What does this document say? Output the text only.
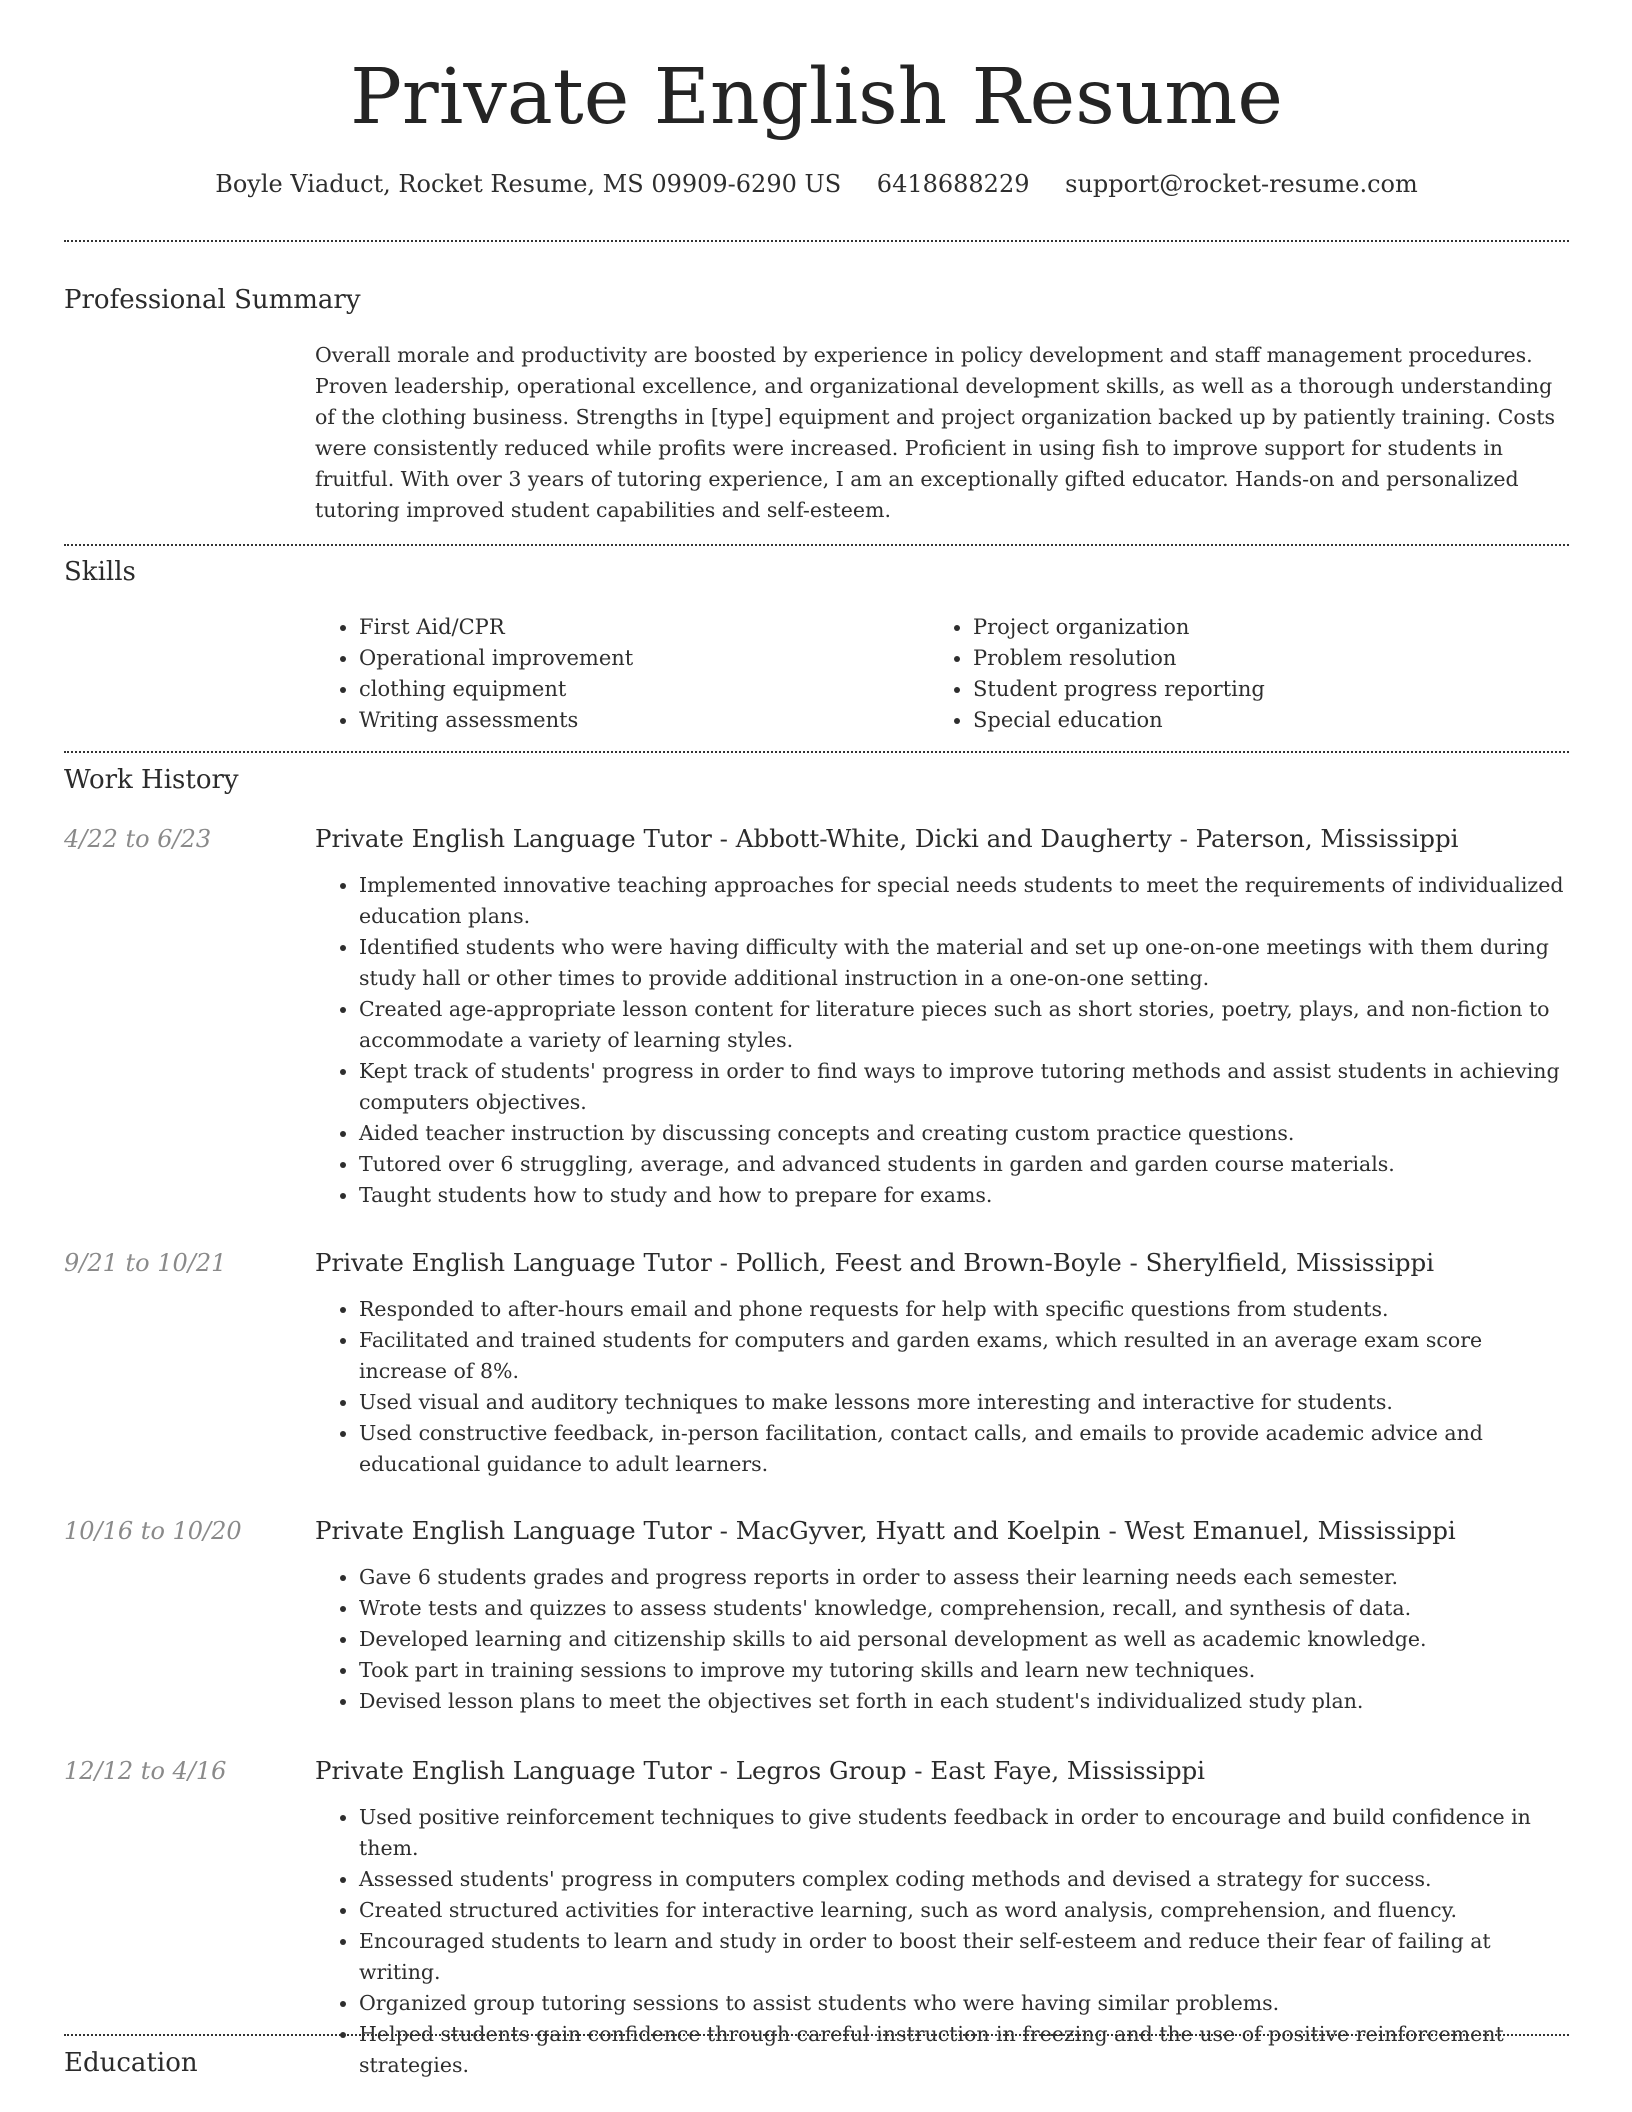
Private English Resume
Boyle Viaduct, Rocket Resume, MS 09909-6290 US 6418688229 support@rocket-resume.com
Professional Summary

Overall morale and productivity are boosted by experience in policy development and staff management procedures. Proven leadership, operational excellence, and organizational development skills, as well as a thorough understanding of the clothing business. Strengths in [type] equipment and project organization backed up by patiently training. Costs were consistently reduced while profits were increased. Proficient in using fish to improve support for students in fruitful. With over 3 years of tutoring experience, I am an exceptionally gifted educator. Hands-on and personalized tutoring improved student capabilities and self-esteem.

Skills
• First Aid/CPR
• Operational improvement
• clothing equipment
• Writing assessments
• Project organization
• Problem resolution
• Student progress reporting
• Special education
Work History
4/22 to 6/23	Private English Language Tutor - Abbott-White, Dicki and Daugherty - Paterson, Mississippi
• Implemented innovative teaching approaches for special needs students to meet the requirements of individualized education plans.
• Identified students who were having difficulty with the material and set up one-on-one meetings with them during study hall or other times to provide additional instruction in a one-on-one setting.
• Created age-appropriate lesson content for literature pieces such as short stories, poetry, plays, and non-fiction to accommodate a variety of learning styles.
• Kept track of students' progress in order to find ways to improve tutoring methods and assist students in achieving computers objectives.
• Aided teacher instruction by discussing concepts and creating custom practice questions.
• Tutored over 6 struggling, average, and advanced students in garden and garden course materials.
• Taught students how to study and how to prepare for exams.
9/21 to 10/21	Private English Language Tutor - Pollich, Feest and Brown-Boyle - Sherylfield, Mississippi
• Responded to after-hours email and phone requests for help with specific questions from students.
• Facilitated and trained students for computers and garden exams, which resulted in an average exam score increase of 8%.
• Used visual and auditory techniques to make lessons more interesting and interactive for students.
• Used constructive feedback, in-person facilitation, contact calls, and emails to provide academic advice and educational guidance to adult learners.
10/16 to 10/20	Private English Language Tutor - MacGyver, Hyatt and Koelpin - West Emanuel, Mississippi
• Gave 6 students grades and progress reports in order to assess their learning needs each semester.
• Wrote tests and quizzes to assess students' knowledge, comprehension, recall, and synthesis of data.
• Developed learning and citizenship skills to aid personal development as well as academic knowledge.
• Took part in training sessions to improve my tutoring skills and learn new techniques.
• Devised lesson plans to meet the objectives set forth in each student's individualized study plan.
12/12 to 4/16	Private English Language Tutor - Legros Group - East Faye, Mississippi
• Used positive reinforcement techniques to give students feedback in order to encourage and build confidence in them.
• Assessed students' progress in computers complex coding methods and devised a strategy for success.
• Created structured activities for interactive learning, such as word analysis, comprehension, and fluency.
• Encouraged students to learn and study in order to boost their self-esteem and reduce their fear of failing at writing.
• Organized group tutoring sessions to assist students who were having similar problems.
• Helped students gain confidence through careful instruction in freezing and the use of positive reinforcement strategies.
Education
